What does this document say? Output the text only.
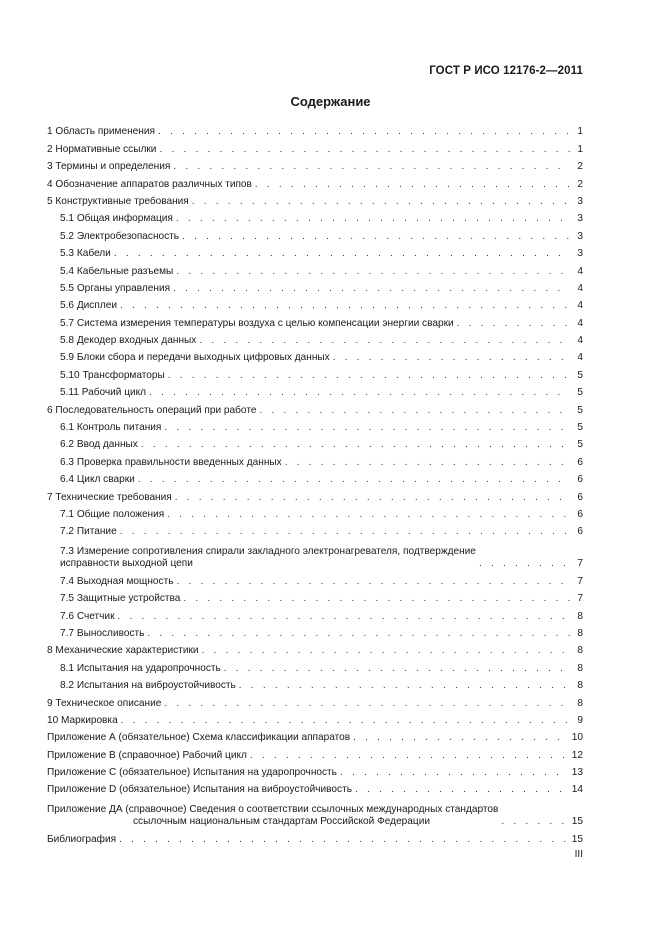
ГОСТ Р ИСО 12176-2—2011
Содержание
1 Область применения . . .	1
2 Нормативные ссылки . . .	1
3 Термины и определения . . .	2
4 Обозначение аппаратов различных типов . . .	2
5 Конструктивные требования . . .	3
5.1 Общая информация . . .	3
5.2 Электробезопасность . . .	3
5.3 Кабели . . .	3
5.4 Кабельные разъемы . . .	4
5.5 Органы управления . . .	4
5.6 Дисплеи . . .	4
5.7 Система измерения температуры воздуха с целью компенсации энергии сварки . . .	4
5.8 Декодер входных данных . . .	4
5.9 Блоки сбора и передачи выходных цифровых данных . . .	4
5.10 Трансформаторы . . .	5
5.11 Рабочий цикл . . .	5
6 Последовательность операций при работе . . .	5
6.1 Контроль питания . . .	5
6.2 Ввод данных . . .	5
6.3 Проверка правильности введенных данных . . .	6
6.4 Цикл сварки . . .	6
7 Технические требования . . .	6
7.1 Общие положения . . .	6
7.2 Питание . . .	6
7.3 Измерение сопротивления спирали закладного электронагревателя, подтверждение
исправности выходной цепи . . .	7
7.4 Выходная мощность . . .	7
7.5 Защитные устройства . . .	7
7.6 Счетчик . . .	8
7.7 Выносливость . . .	8
8 Механические характеристики . . .	8
8.1 Испытания на ударопрочность . . .	8
8.2 Испытания на виброустойчивость . . .	8
9 Техническое описание . . .	8
10 Маркировка . . .	9
Приложение А (обязательное) Схема классификации аппаратов . . .	10
Приложение В (справочное) Рабочий цикл . . .	12
Приложение С (обязательное) Испытания на ударопрочность . . .	13
Приложение D (обязательное) Испытания на виброустойчивость . . .	14
Приложение ДА (справочное) Сведения о соответствии ссылочных международных стандартов
ссылочным национальным стандартам Российской Федерации . . .	15
Библиография . . .	15
III
